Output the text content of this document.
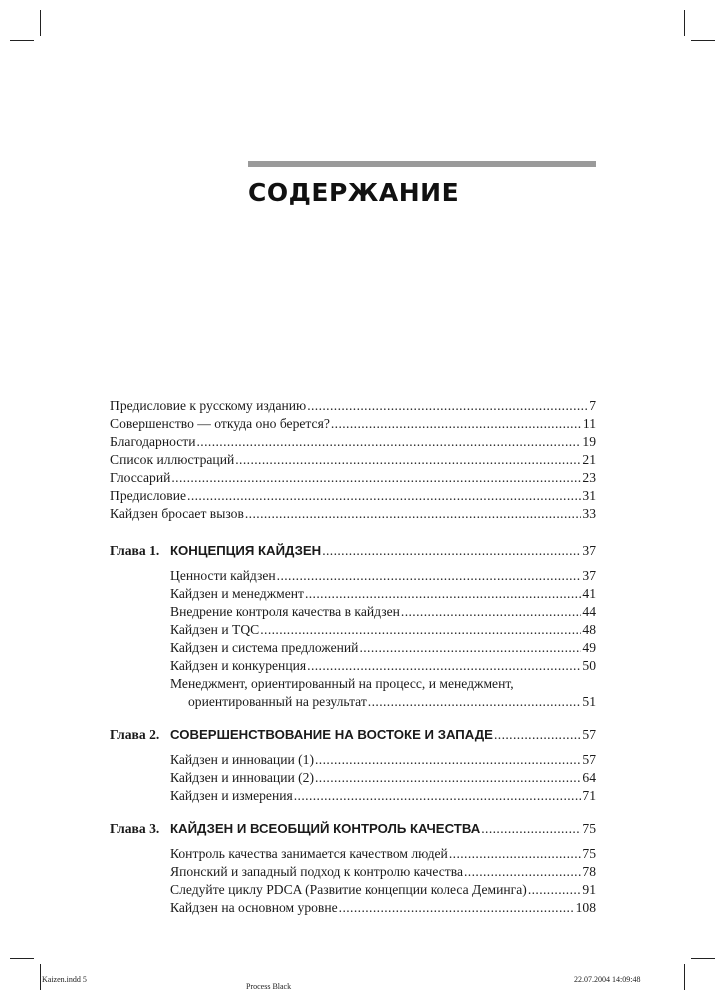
СОДЕРЖАНИЕ
Предисловие к русскому изданию .....	7
Совершенство — откуда оно берется? .....	11
Благодарности .....	19
Список иллюстраций .....	21
Глоссарий .....	23
Предисловие .....	31
Кайдзен бросает вызов .....	33
Глава 1. КОНЦЕПЦИЯ КАЙДЗЕН .....	37
Ценности кайдзен .....	37
Кайдзен и менеджмент .....	41
Внедрение контроля качества в кайдзен .....	44
Кайдзен и TQC .....	48
Кайдзен и система предложений .....	49
Кайдзен и конкуренция .....	50
Менеджмент, ориентированный на процесс, и менеджмент,
ориентированный на результат .....	51
Глава 2. СОВЕРШЕНСТВОВАНИЕ НА ВОСТОКЕ И ЗАПАДЕ .....	57
Кайдзен и инновации (1) .....	57
Кайдзен и инновации (2) .....	64
Кайдзен и измерения .....	71
Глава 3. КАЙДЗЕН И ВСЕОБЩИЙ КОНТРОЛЬ КАЧЕСТВА .....	75
Контроль качества занимается качеством людей .....	75
Японский и западный подход к контролю качества .....	78
Следуйте циклу PDCA (Развитие концепции колеса Деминга) .....	91
Кайдзен на основном уровне .....	108
Kaizen.indd 5
Process Black
22.07.2004 14:09:48
